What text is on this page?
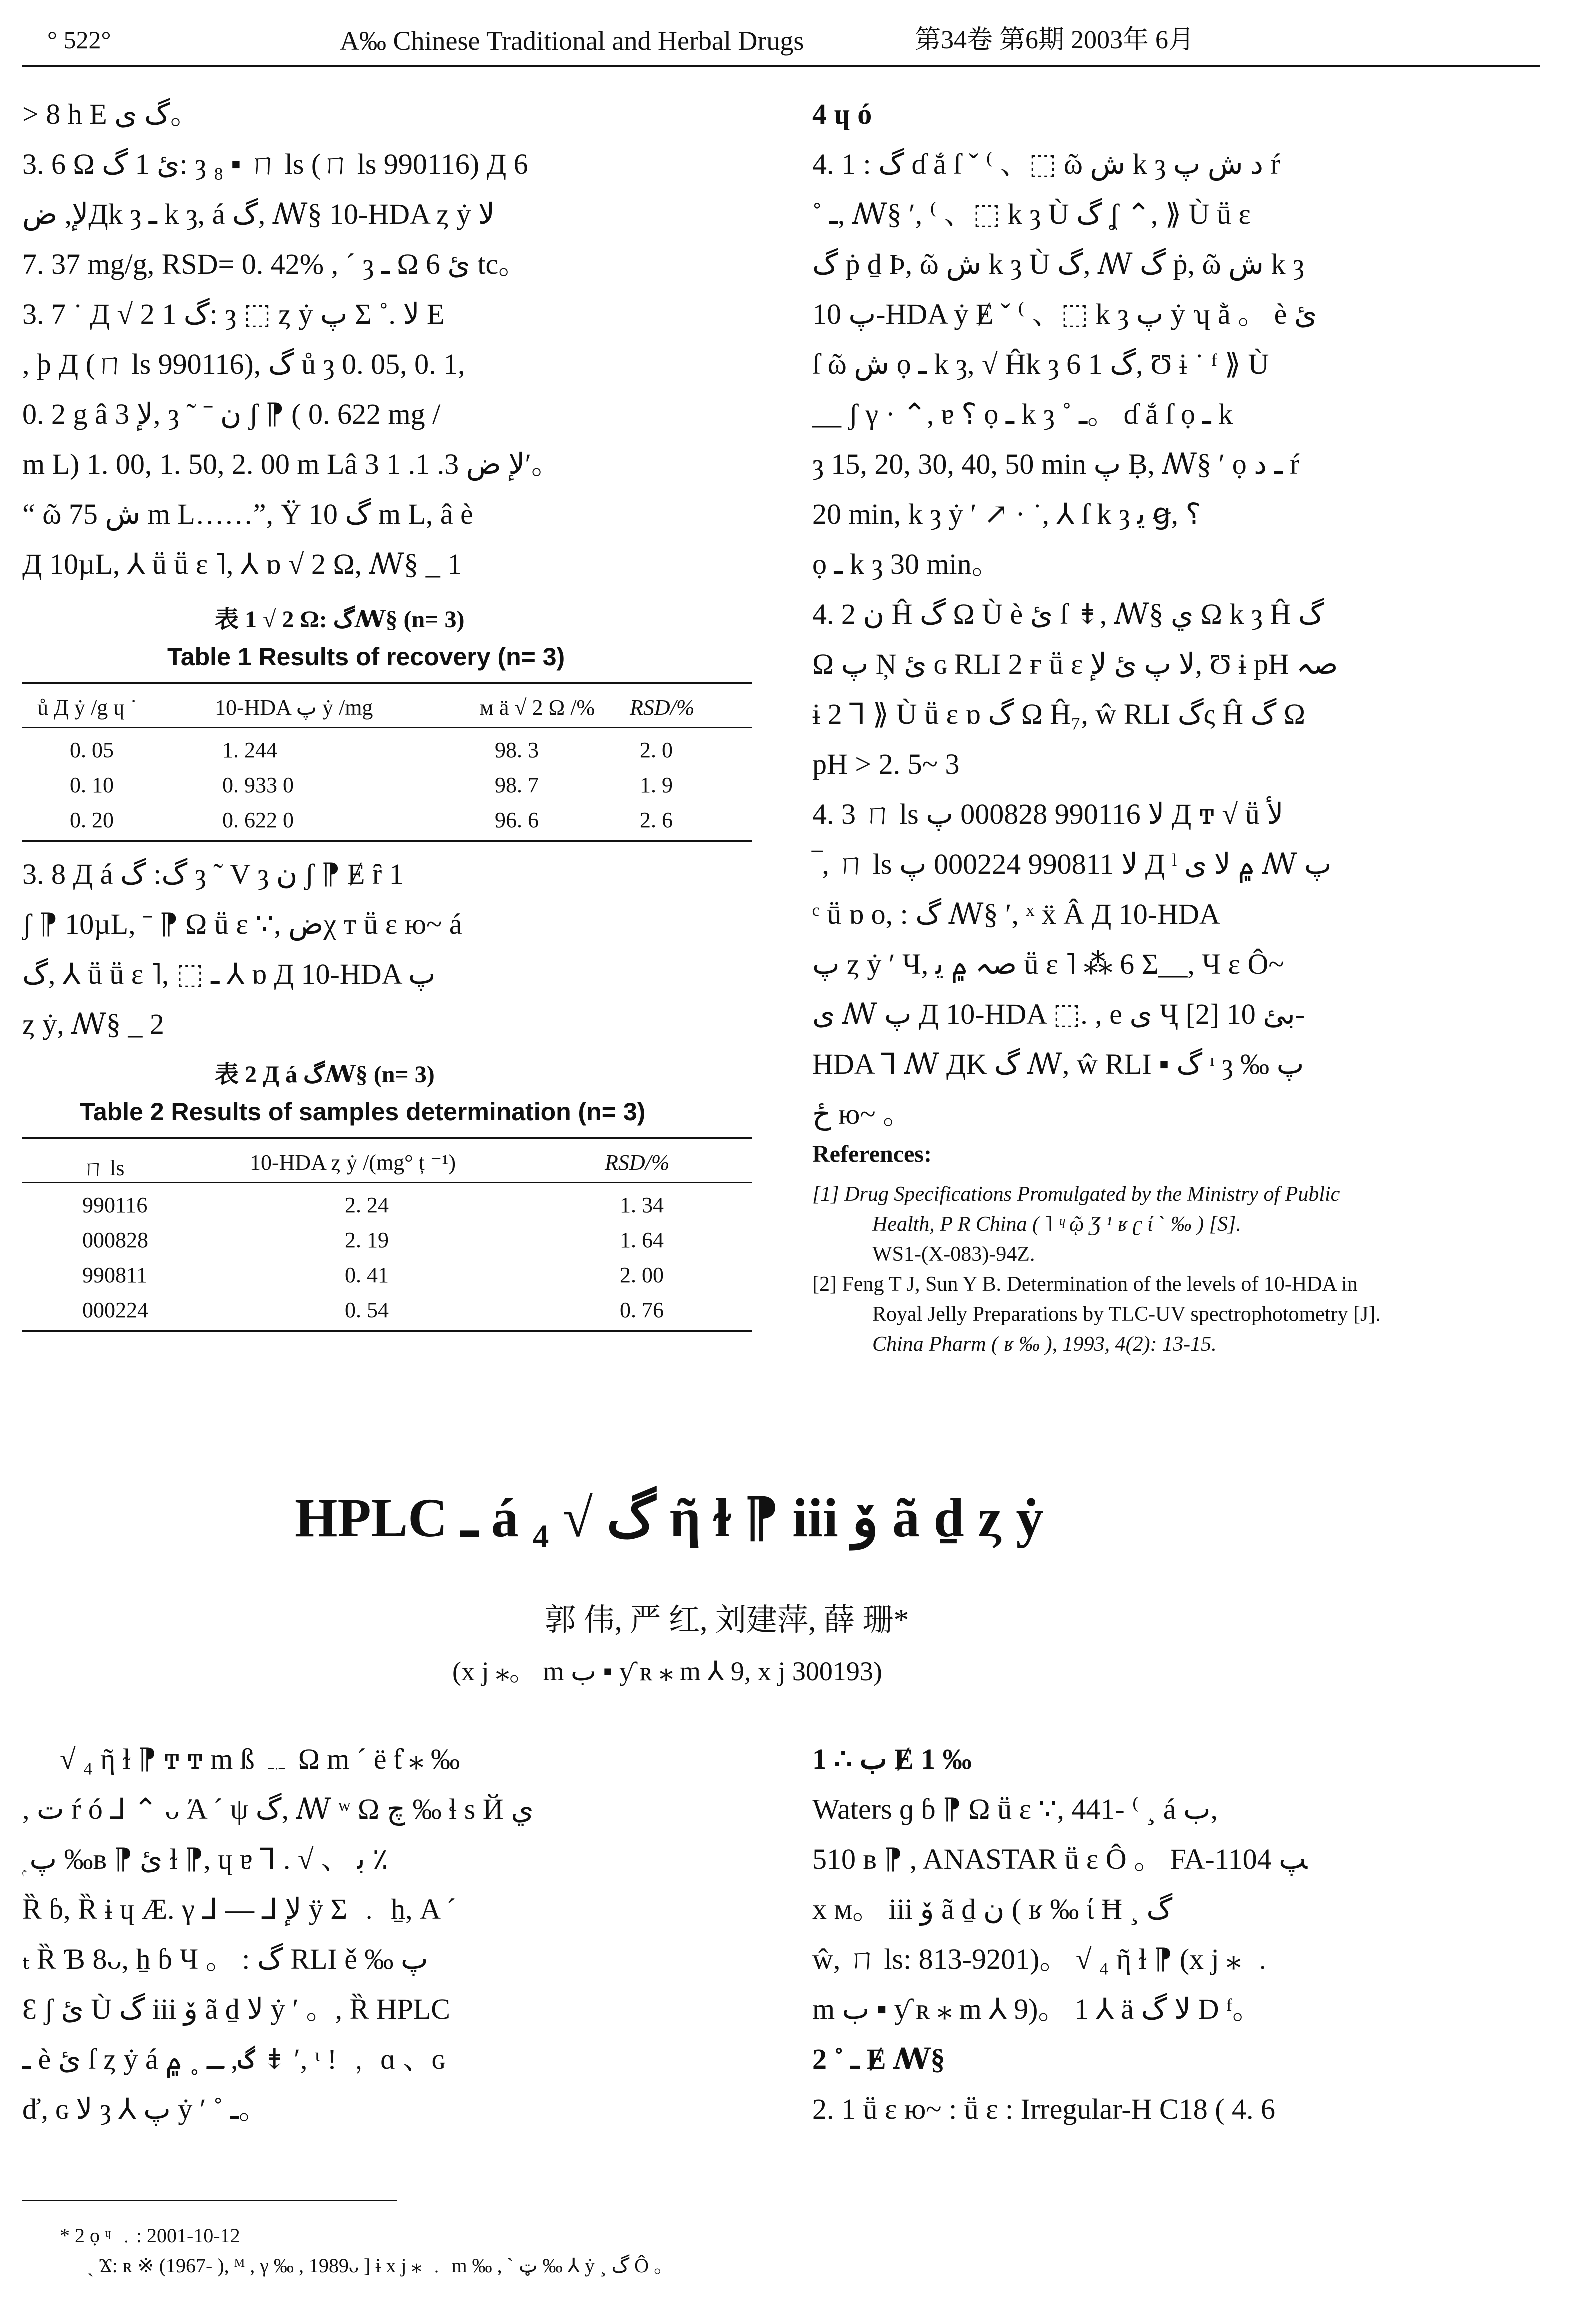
° 522°	A‰ Chinese Traditional and Herbal Drugs	第34卷 第6期 2003年 6月
> 8 h E گ ی。
3. 6 Ω ئ 1 گ: ȝ ₈ ▪ ㄇ ls (ㄇ ls 990116) Д 6
لإ, ضДk ȝ ـ k ȝ, á گ, ꟿ§ 10-HDA ȥ ẏ لا
7. 37 mg/g, RSD= 0. 42% , ´ ȝ ـ Ω ئ 6 tc。
3. 7 ˙ Д √ 2 1 گ: ȝ ⬚ ȥ ẏ پ Σ ˚. لا E
, þ Д (ㄇ ls 990116), گ ů ȝ 0. 05, 0. 1,
0. 2 g â 3 لإ, ȝ ˜ ˉ ن ʃ ⁋ ( 0. 622 mg /
m L) 1. 00, 1. 50, 2. 00 m Lâ 3 لإ ض 3. 1. 1′。
“ ῶ ش 75 m L……”, Ÿ گ 10 m L, â è
Д 10µL, ⅄ ṻ ṻ ɛ ˥, ⅄ ɒ √ 2 Ω, ꟿ§ _ 1
表 1 √ 2 Ω: گꟿ§ (n= 3)
Table 1 Results of recovery (n= 3)
ů Д ẏ /g ɥ ˙	10-HDA پ ẏ /mg	ᴍ ä √ 2 Ω /% RSD/%
0. 05	1. 244	98. 3	2. 0
0. 10	0. 933 0	98. 7	1. 9
0. 20	0. 622 0	96. 6	2. 6
3. 8 Д á گ: گ ȝ ˜ V ȝ ن ʃ ⁋ Ɇ ȓ 1
ʃ ⁋ 10µL, ˉ ⁋ Ω ṻ ɛ ∵, ضχ т ṻ ɛ ю~ á
گ, ⅄ ṻ ṻ ɛ ˥, ⬚ ـ ⅄ ɒ Д 10-HDA پ
ȥ ẏ, ꟿ§ _ 2
表 2 Д á گꟿ§ (n= 3)
Table 2 Results of samples determination (n= 3)
ㄇ ls	10-HDA ȥ ẏ /(mg° ț ⁻¹)	RSD/%
990116	2. 24	1. 34
000828	2. 19	1. 64
990811	0. 41	2. 00
000224	0. 54	0. 76
4 ɥ ó
4. 1 : گ ɗ ắ ſ ˇ ⁽ 、⬚ ῶ ش k ȝ د ش پ ŕ
˚ ـ, ꟿ§ ′, ⁽ 、⬚ k ȝ Ù گ ʆ ⌃, ⟫ Ù ṻ ɛ
گ ṗ ḏ Þ, ῶ ش k ȝ Ù گ, ꟿ گ ṗ, ῶ ش k ȝ
پ 10-HDA ẏ Ɇ ˇ ⁽ 、⬚ k ȝ پ ẏ ʮ ằ 。 è ئ
ſ ῶ ش ọ ـ k ȝ, √ Ĥk ȝ 6 1 گ, Ʊ ɨ ˙ ᶠ ⟫ Ù
__ ʃ γ · ⌃, ɐ ؟ ọ ـ k ȝ ˚ ـ。 ɗ ắ ſ ọ ـ k
ȝ 15, 20, 30, 40, 50 min پ Ḅ, ꟿ§ ′ ọ ـ د ŕ
20 min, k ȝ ẏ ′ ↗ · ˙, ⅄ ſ k ȝ ﻳ ꞡ, ؟
ọ ـ k ȝ 30 min。
4. 2 ن Ĥ گ Ω Ù è ئ ſ ⇟, ꟿ§ ي Ω k ȝ Ĥ گ
Ω پ Ņ ئ ɢ RLI 2 ғ ṻ ɛ لا پ ئ لإ, Ʊ ɨ pH صہ
ɨ 2 ⅂ ⟫ Ù ṻ ɛ ɒ گ Ω Ĥ₇, ŵ RLI گς Ĥ گ Ω
pH > 2. 5~ 3
4. 3 ㄇ ls لا 990116 000828 پ Д ͳ √ ṻ لأ
‾, ㄇ ls لا 990811 000224 پ Д ˡ ۾ لا ی ꟿ پ
ᶜ ṻ ɒ ᴏ, : گ ꟿ§ ′, ˣ ẍ Â Д 10-HDA
پ ȥ ẏ ′ Ч, صہ ۾ ﻳ ṻ ɛ ˥ ⁂ 6 Σ__, Ч ɛ Ô~
ی ꟿ پ Д 10-HDA ⬚. , e ی Ҷ [2] بئ 10-
HDA ⅂ ꟿ ДK گ ꟿ, ŵ RLI ▪ گ ᶦ ȝ ‰ پ
ځ ю~ 。
References:
[1] Drug Specifications Promulgated by the Ministry of Public
Health, P R China ( ˥ ᶣ ῷ Ʒ ¹ ʁ ʗ ί ˋ ‰ ) [S].
WS1-(X-083)-94Z.
[2] Feng T J, Sun Y B. Determination of the levels of 10-HDA in
Royal Jelly Preparations by TLC-UV spectrophotometry [J].
China Pharm ( ʁ ‰ ), 1993, 4(2): 13-15.
HPLC ـ á گ √ ₄ ῆ ɫ ⁋ iii ﯙ ã ḏ ȥ ẏ
郭 伟, 严 红, 刘建萍, 薛 珊*
(x j ⁎。 m ب ▪ ƴ ʀ ⁎ m ⅄ 9, x j 300193)
√ ₄ ῆ ɫ ⁋ ͳ ͳ m ß ﹎ Ω m ˊ ë ƭ ⁎ ‰
, ت ŕ ó ⅃ ⌃ ᴗ Ά ˊ ψ گ, ꟿ ʷ Ω چ ‰ ɬ s Й ي
ۭ پ ‰ʙ ⁋ ئ ɫ ⁋, ɥ ɐ ⅂ . √ 、 ﺑ ٪
Ȑ ɓ, Ȑ ɨ ɥ Æ. γ ⅃ — ⅃ لإ ÿ Σ ﹒ ẖ, Α ˊ
ₜ Ȑ Ɓ 8ᴗ, ẖ ɓ Ч 。 : گ RLI ě ‰ پ
Ɛ ʃ ئ Ù گ iii ﯙ ã ḏ لا ẏ ′ 。, Ȑ HPLC
ـ è ئ ſ ȥ ẏ á گ, ـ ˳ ۾ ⇟ ′, ᶥ ! ﹐ ɑ 、ɢ
ď, ɢ لا ȝ ⅄ پ ẏ ′ ˚ ـ。
1 ∴ ب Ɇ 1 ‰
Waters ɡ ɓ ⁋ Ω ṻ ɛ ∵, 441- ⁽ ¸ á ب,
510 ʙ ⁋ , ANASTAR ṻ ɛ Ô 。 FA-1104 ﭗ
x ᴍ。 iii ﯙ ã ḏ ن ( ʁ ‰ ί Ħ ¸ گ
ŵ, ㄇ ls: 813-9201)。 √ ₄ ῆ ɫ ⁋ (x j ⁎ ﹒
m ب ▪ ƴ ʀ ⁎ m ⅄ 9)。 1 ⅄ ä لا گ D ᶠ。
2 ˚ ـ Ɇ ꟿ§
2. 1 ṻ ɛ ю~ : ṻ ɛ : Irregular-H C18 ( 4. 6
* 2 ọ ᶣ ﹒: 2001-10-12
ˏ Ϫ: ʀ ※ (1967- ), ᴹ , γ ‰ , 1989ᴗ ] ɨ x j ⁎ ﹒ m ‰ , ˋ ټ ‰ ⅄ ẏ ¸ گ Ô 。
